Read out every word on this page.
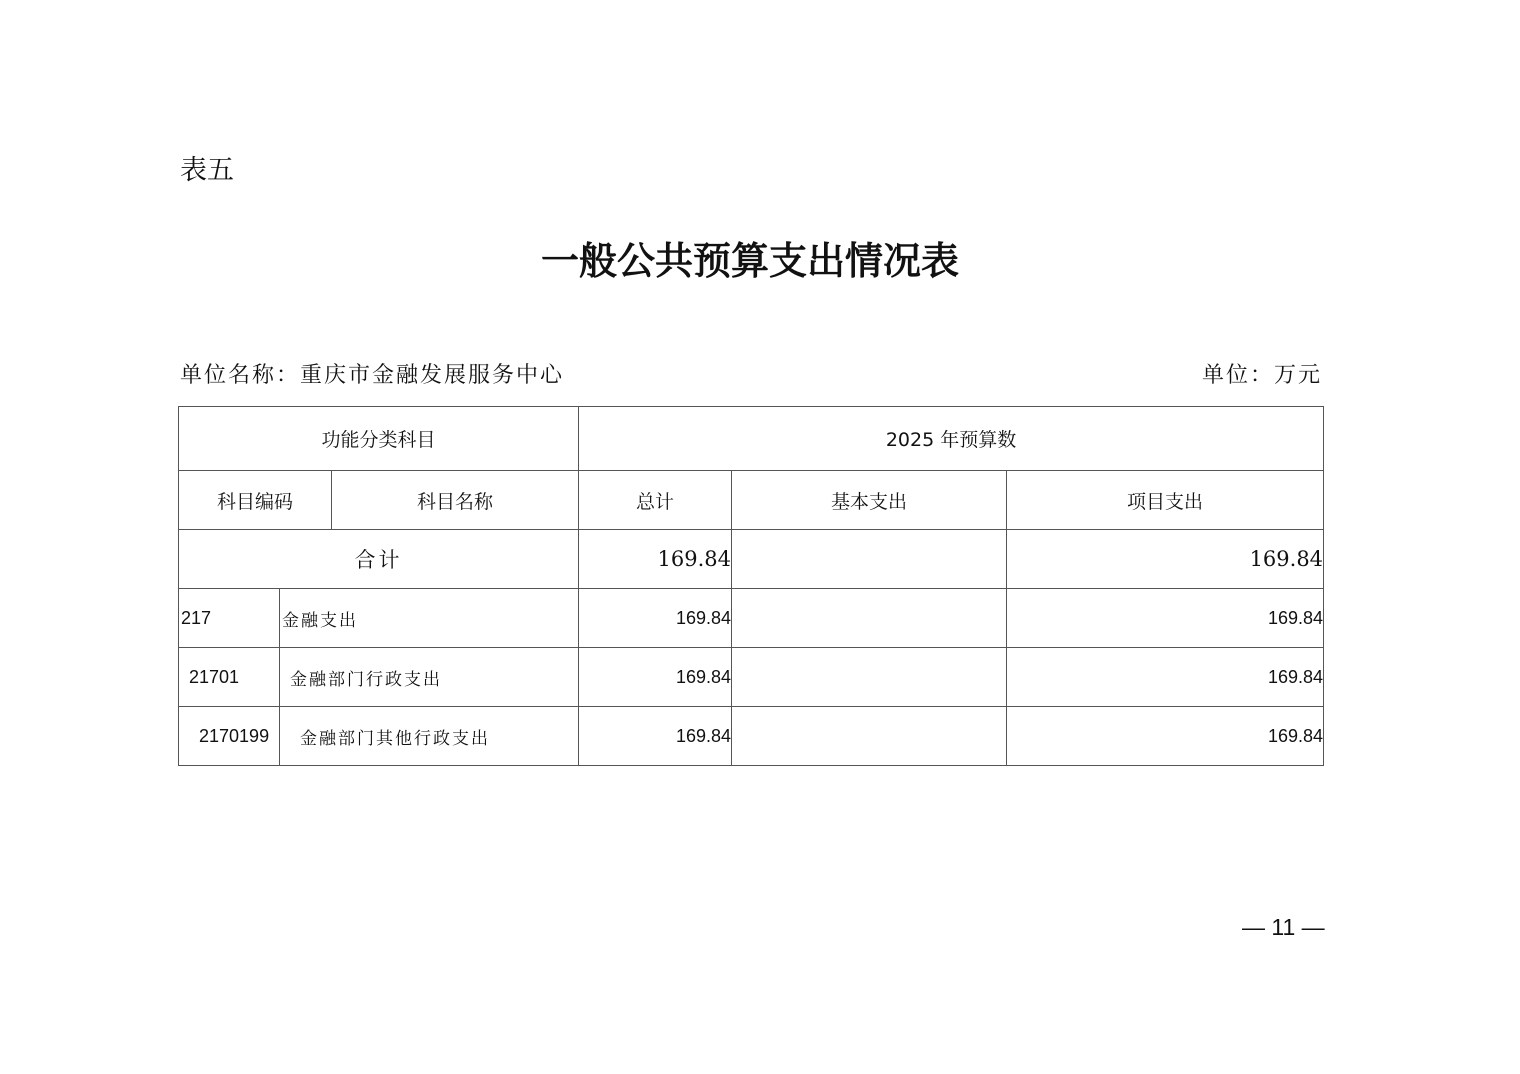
表五
一般公共预算支出情况表
单位名称：重庆市金融发展服务中心	单位：万元
功能分类科目			2025 年预算数		
科目编码		科目名称	总计	基本支出	项目支出
合计			169.84		169.84
217	金融支出		169.84		169.84
21701	金融部门行政支出		169.84		169.84
2170199	金融部门其他行政支出		169.84		169.84
— 11 —
